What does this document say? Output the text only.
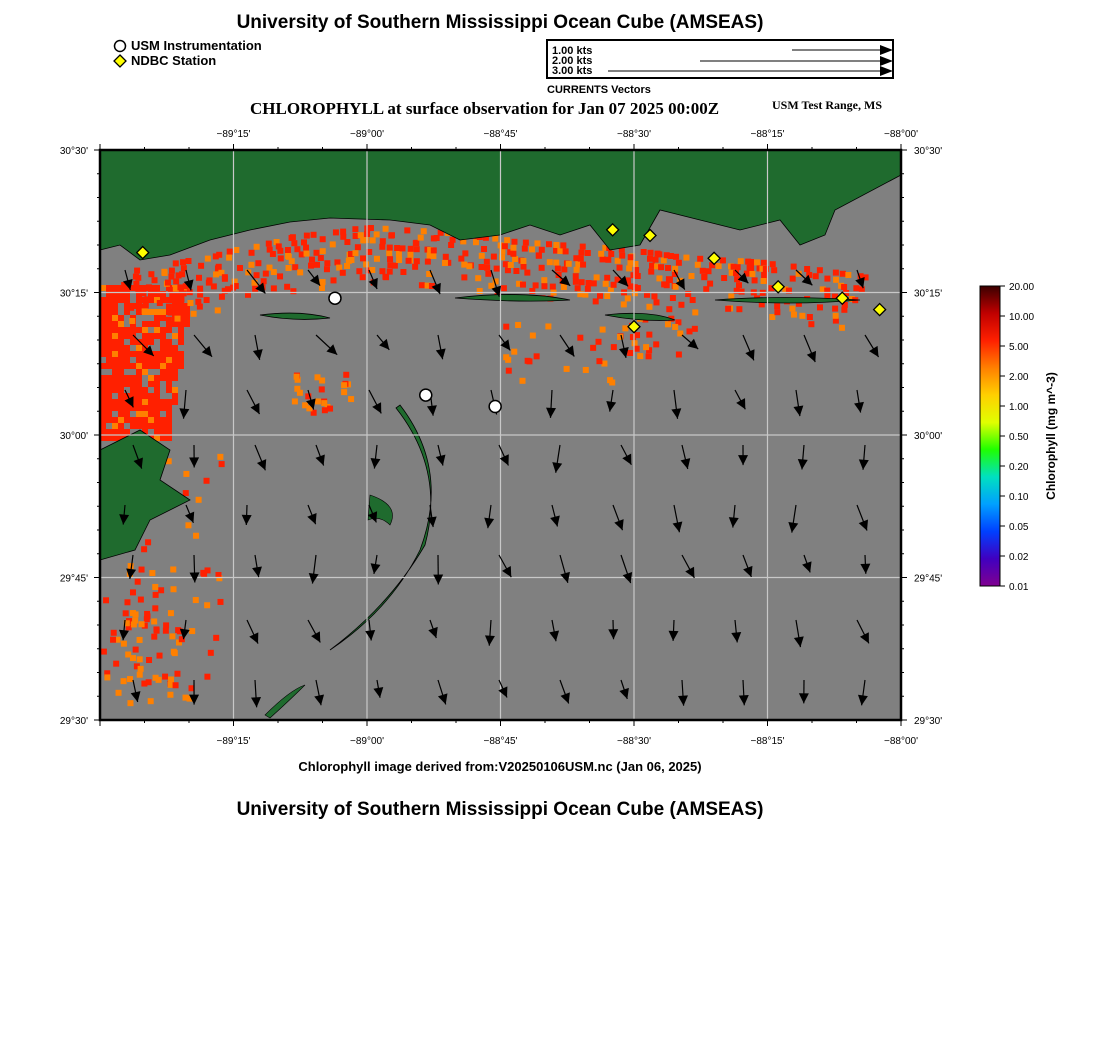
University of Southern Mississippi Ocean Cube (AMSEAS)
USM Instrumentation
NDBC Station
1.00 kts
2.00 kts
3.00 kts
CURRENTS Vectors
CHLOROPHYLL at surface observation for Jan 07 2025 00:00Z	USM Test Range, MS
−89°15'
−89°15'
−89°00'
−89°00'
−88°45'
−88°45'
−88°30'
−88°30'
−88°15'
−88°15'
−88°00'
−88°00'
30°30'	30°30'
30°15'	30°15'
30°00'	30°00'
29°45'	29°45'
29°30'	29°30'
20.00
10.00
5.00
2.00
1.00
0.50
0.20
0.10
0.05
0.02
0.01
Chlorophyll (mg m^-3)
Chlorophyll image derived from:V20250106USM.nc (Jan 06, 2025)
University of Southern Mississippi Ocean Cube (AMSEAS)
